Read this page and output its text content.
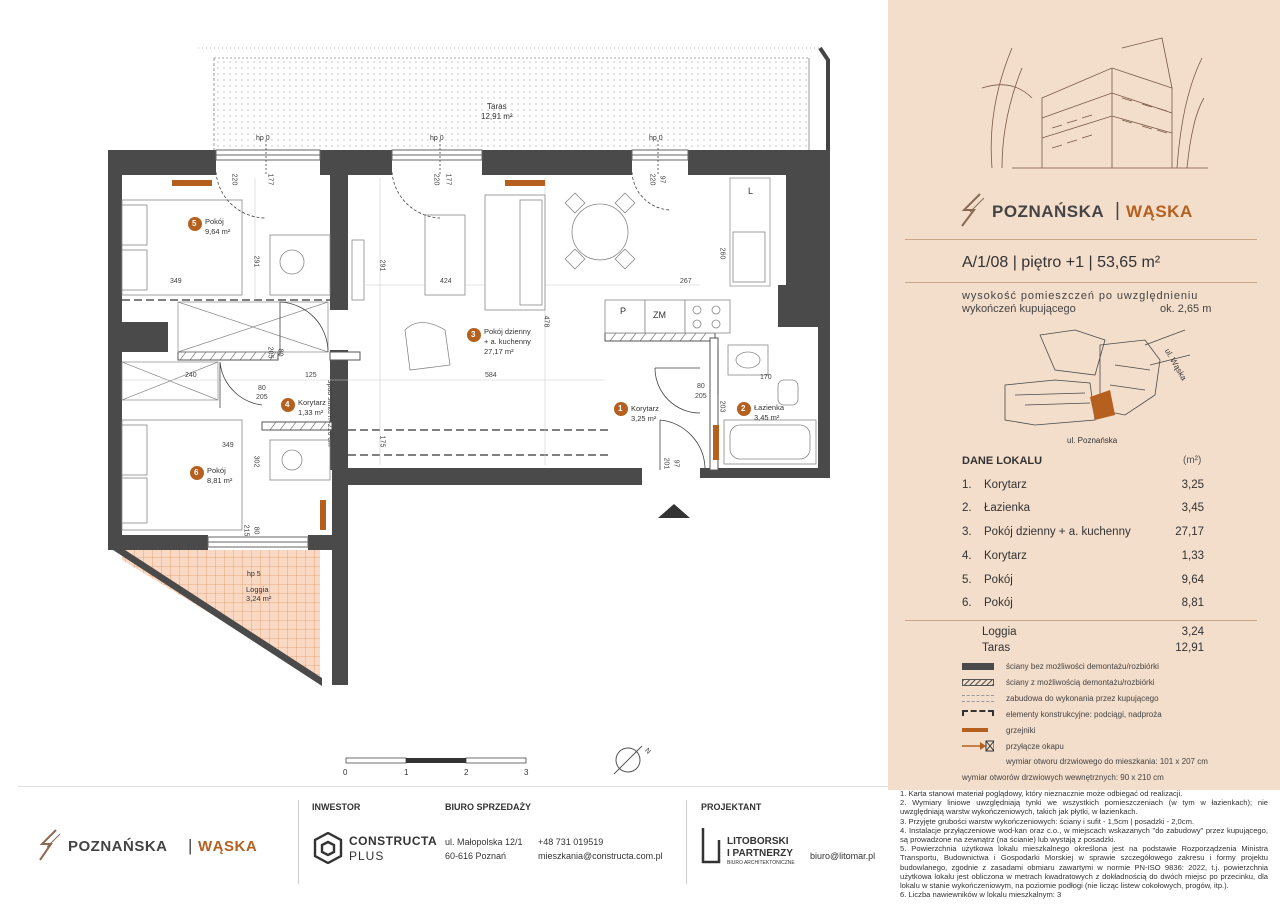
Taras
12,91 m²
hp 0	hp 0	hp 0
hp 5
5 Pokój
9,64 m²
3 Pokój dzienny
+ a. kuchenny
27,17 m²
4 Korytarz
1,33 m²	1 Korytarz
3,25 m²
2 Łazienka
3,45 m²
6 Pokój
8,81 m²
Loggia
3,24 m²
349	424	267
240	125	584	170
349
80
205
80
205
80
205
80
215
203
291	291
260
478
302
175
spad sufitu h=210 cm
177
220	177
220	97
220
97
201
P	ZM
L
0	1	2	3
N
POZNAŃSKA | WĄSKA
A/1/08 | piętro +1 | 53,65 m²
wysokość pomieszczeń po uwzględnieniu
wykończeń kupującego	ok. 2,65 m
ul. Wąska
ul. Poznańska
DANE LOKALU	(m²)
1. Korytarz	3,25
2. Łazienka	3,45
3. Pokój dzienny + a. kuchenny	27,17
4. Korytarz	1,33
5. Pokój	9,64
6. Pokój	8,81
Loggia	3,24
Taras	12,91
ściany bez możliwości demontażu/rozbiórki
ściany z możliwością demontażu/rozbiórki
zabudowa do wykonania przez kupującego
elementy konstrukcyjne: podciągi, nadproża
grzejniki
przyłącze okapu
wymiar otworu drzwiowego do mieszkania: 101 x 207 cm
wymiar otworów drzwiowych wewnętrznych: 90 x 210 cm
POZNAŃSKA | WĄSKA
INWESTOR
CONSTRUCTA
PLUS
BIURO SPRZEDAŻY
ul. Małopolska 12/1
60-616 Poznań
+48 731 019519
mieszkania@constructa.com.pl
PROJEKTANT
LITOBORSKI
I PARTNERZY
BIURO ARCHITEKTONICZNE
biuro@litomar.pl
1. Karta stanowi materiał poglądowy, który nieznacznie może odbiegać od realizacji.
2. Wymiary liniowe uwzględniają tynki we wszystkich pomieszczeniach (w tym w łazienkach); nie uwzględniają warstw wykończeniowych, takich jak płytki, w łazienkach.
3. Przyjęte grubości warstw wykończeniowych: ściany i sufit - 1,5cm | posadzki - 2,0cm.
4. Instalacje przyłączeniowe wod-kan oraz c.o., w miejscach wskazanych "do zabudowy" przez kupującego, są prowadzone na zewnątrz (na ścianie) lub wystają z posadzki.
5. Powierzchnia użytkowa lokalu mieszkalnego określona jest na podstawie Rozporządzenia Ministra Transportu, Budownictwa i Gospodarki Morskiej w sprawie szczegółowego zakresu i formy projektu budowlanego, zgodnie z zasadami obmiaru zawartymi w normie PN-ISO 9836: 2022, t.j. powierzchnia użytkowa lokalu jest obliczona w metrach kwadratowych z dokładnością do dwóch miejsc po przecinku, dla lokalu w stanie wykończeniowym, na poziomie podłogi (nie licząc listew cokołowych, progów, itp.).
6. Liczba nawiewników w lokalu mieszkalnym: 3
